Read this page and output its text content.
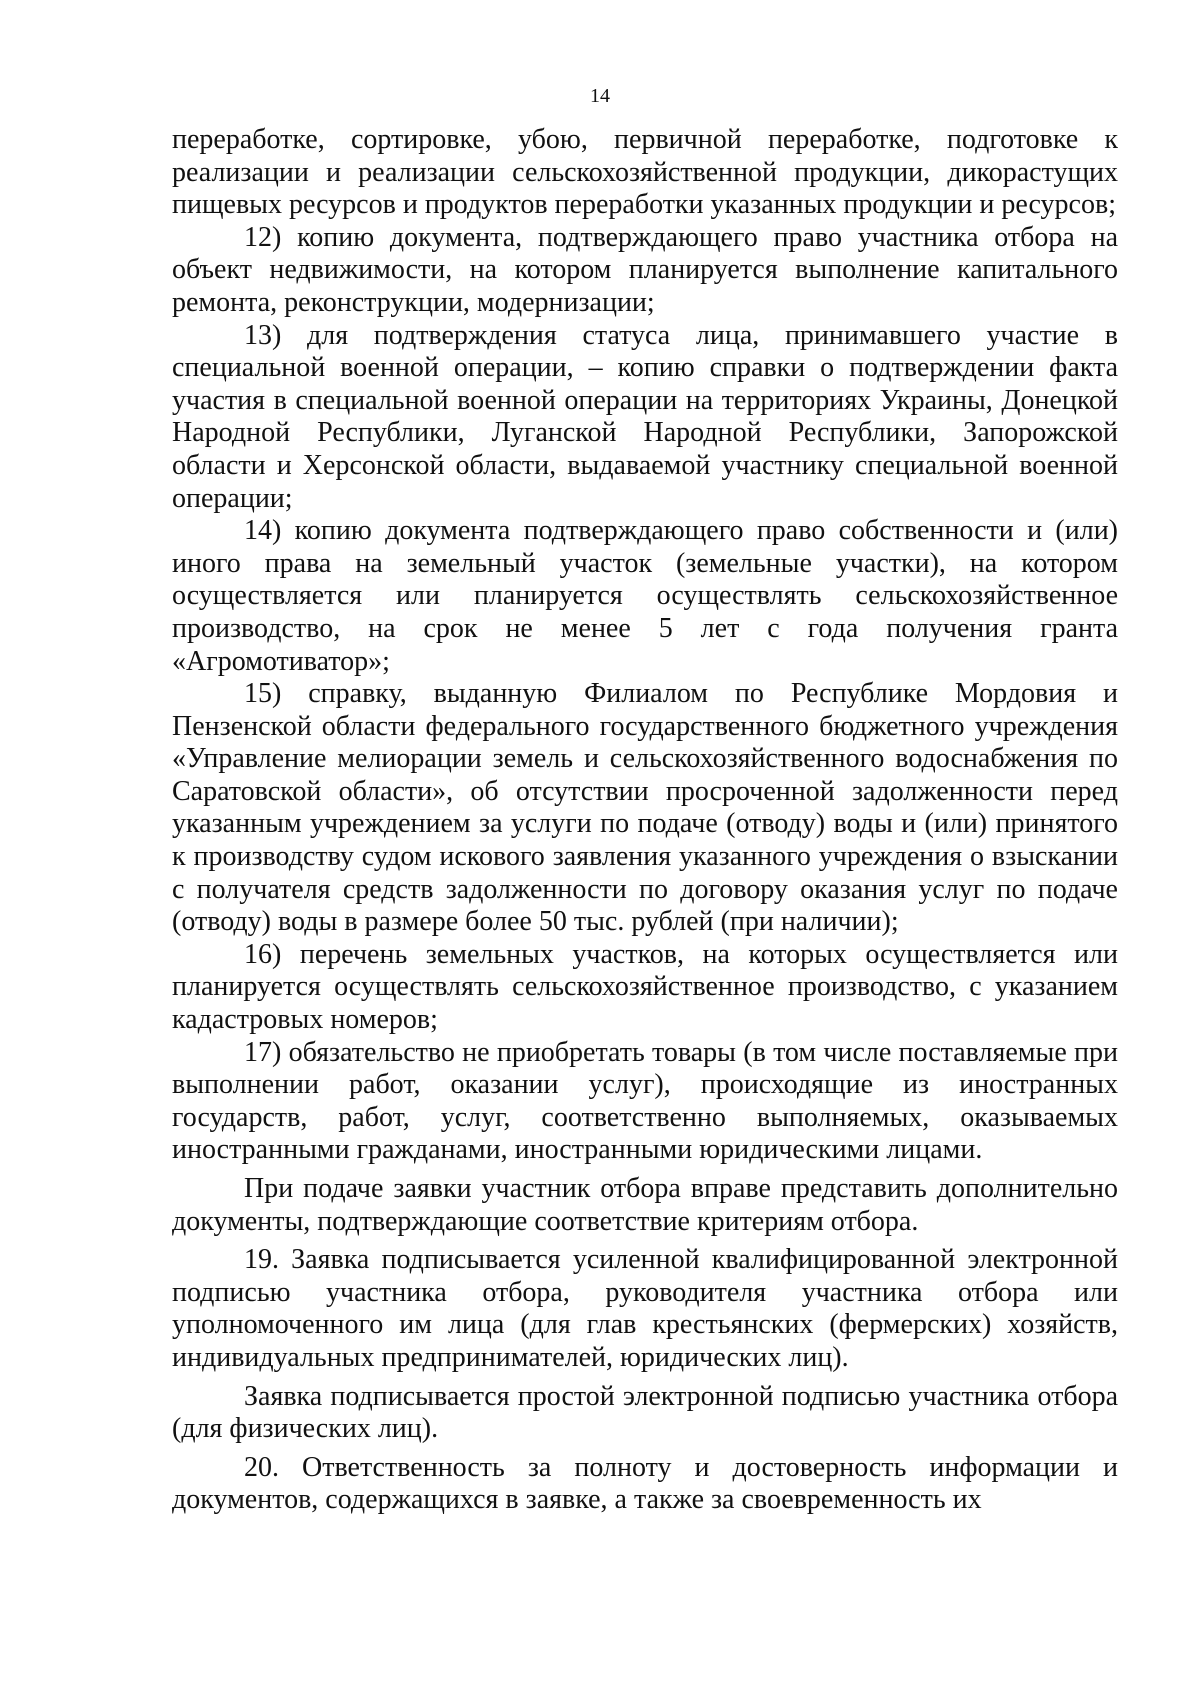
14

переработке, сортировке, убою, первичной переработке, подготовке к реализации и реализации сельскохозяйственной продукции, дикорастущих пищевых ресурсов и продуктов переработки указанных продукции и ресурсов;

12) копию документа, подтверждающего право участника отбора на объект недвижимости, на котором планируется выполнение капитального ремонта, реконструкции, модернизации;

13) для подтверждения статуса лица, принимавшего участие в специальной военной операции, – копию справки о подтверждении факта участия в специальной военной операции на территориях Украины, Донецкой Народной Республики, Луганской Народной Республики, Запорожской области и Херсонской области, выдаваемой участнику специальной военной операции;

14) копию документа подтверждающего право собственности и (или) иного права на земельный участок (земельные участки), на котором осуществляется или планируется осуществлять сельскохозяйственное производство, на срок не менее 5 лет с года получения гранта «Агромотиватор»;

15) справку, выданную Филиалом по Республике Мордовия и Пензенской области федерального государственного бюджетного учреждения «Управление мелиорации земель и сельскохозяйственного водоснабжения по Саратовской области», об отсутствии просроченной задолженности перед указанным учреждением за услуги по подаче (отводу) воды и (или) принятого к производству судом искового заявления указанного учреждения о взыскании с получателя средств задолженности по договору оказания услуг по подаче (отводу) воды в размере более 50 тыс. рублей (при наличии);

16) перечень земельных участков, на которых осуществляется или планируется осуществлять сельскохозяйственное производство, с указанием кадастровых номеров;

17) обязательство не приобретать товары (в том числе поставляемые при выполнении работ, оказании услуг), происходящие из иностранных государств, работ, услуг, соответственно выполняемых, оказываемых иностранными гражданами, иностранными юридическими лицами.

При подаче заявки участник отбора вправе представить дополнительно документы, подтверждающие соответствие критериям отбора.

19. Заявка подписывается усиленной квалифицированной электронной подписью участника отбора, руководителя участника отбора или уполномоченного им лица (для глав крестьянских (фермерских) хозяйств, индивидуальных предпринимателей, юридических лиц).

Заявка подписывается простой электронной подписью участника отбора (для физических лиц).

20. Ответственность за полноту и достоверность информации и документов, содержащихся в заявке, а также за своевременность их
